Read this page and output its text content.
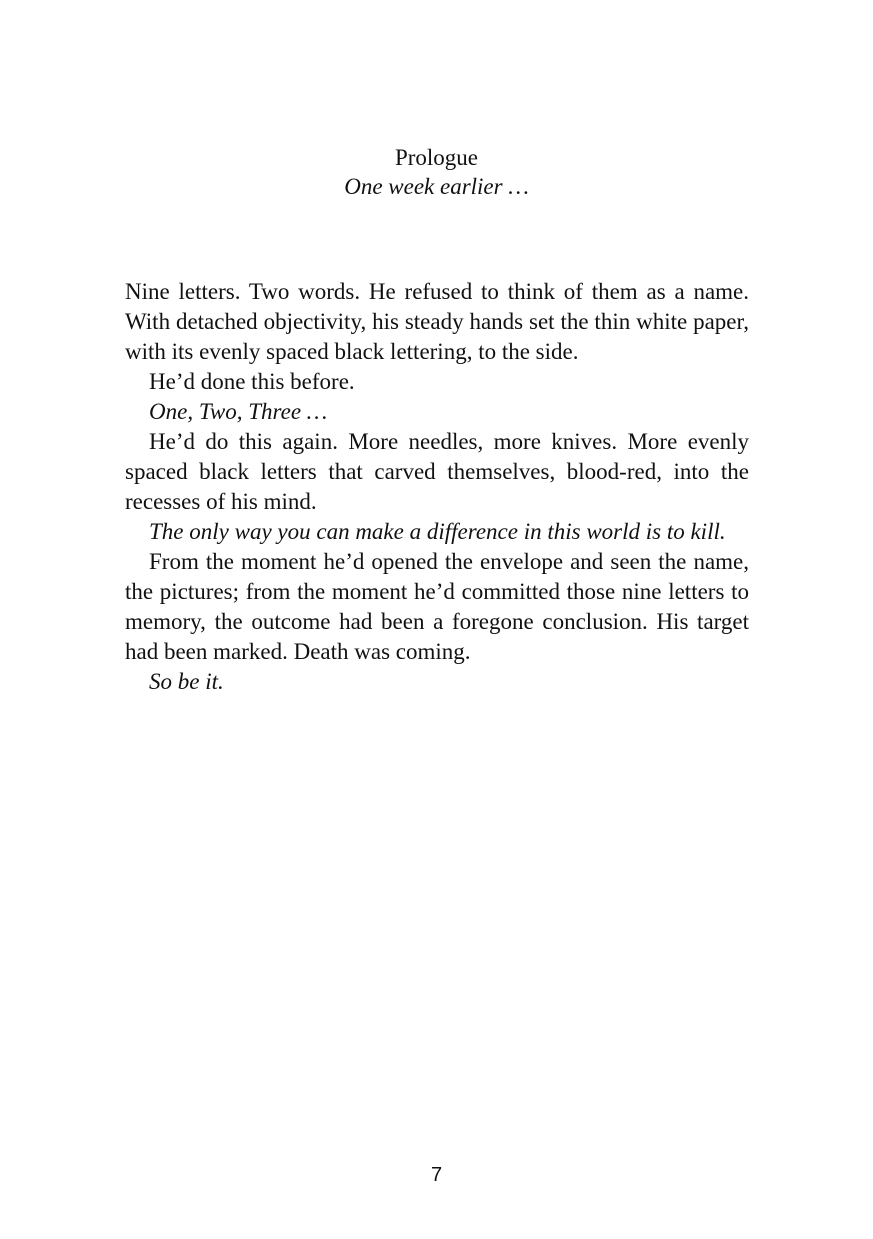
Prologue
One week earlier …

Nine letters. Two words. He refused to think of them as a name. With detached objectivity, his steady hands set the thin white paper, with its evenly spaced black lettering, to the side.

He’d done this before.

One, Two, Three …

He’d do this again. More needles, more knives. More evenly spaced black letters that carved themselves, blood-red, into the recesses of his mind.

The only way you can make a difference in this world is to kill.

From the moment he’d opened the envelope and seen the name, the pictures; from the moment he’d committed those nine letters to memory, the outcome had been a foregone conclusion. His target had been marked. Death was coming.

So be it.

7
